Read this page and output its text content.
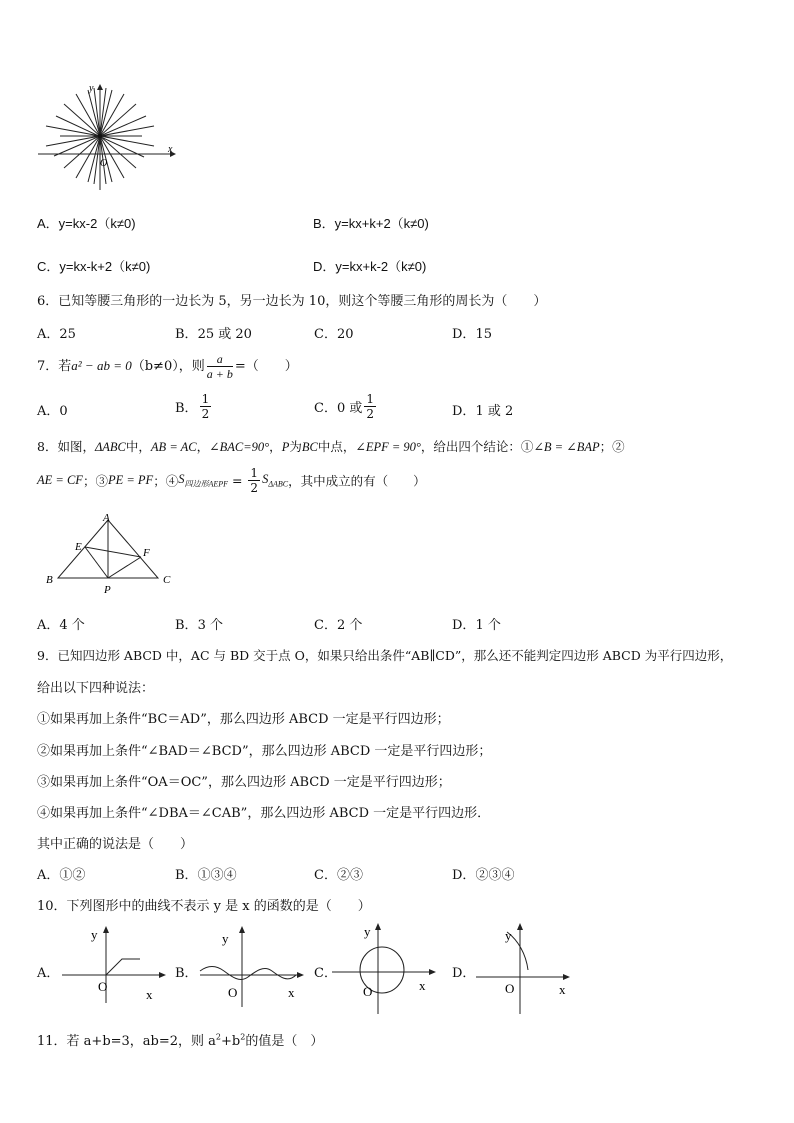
y
x
O
A．y=kx-2（k≠0)	B．y=kx+k+2（k≠0)
C．y=kx-k+2（k≠0)	D．y=kx+k-2（k≠0)
6．已知等腰三角形的一边长为 5，另一边长为 10，则这个等腰三角形的周长为（　　）
A．25	B．25 或 20	C．20	D．15
7．若a² − ab = 0（b≠0），则 $\frac{a}{a + b}$ =（　　）
A．0	B． $\frac{1}{2}$	C．0 或 $\frac{1}{2}$	D．1 或 2
8．如图，ΔABC中，AB = AC，∠BAC=90°，P为BC中点，∠EPF = 90°，给出四个结论：①∠B = ∠BAP；②
AE = CF；③PE = PF；$④S_{四边形AEPF} = \frac{1}{2} S_{\Delta ABC}$，其中成立的有（　　）
A
E	F
B	C
P
A．4 个	B．3 个	C．2 个	D．1 个
9．已知四边形 ABCD 中，AC 与 BD 交于点 O，如果只给出条件“AB∥CD”，那么还不能判定四边形 ABCD 为平行四边形，
给出以下四种说法：
①如果再加上条件“BC＝AD”，那么四边形 ABCD 一定是平行四边形；
②如果再加上条件“∠BAD＝∠BCD”，那么四边形 ABCD 一定是平行四边形；
③如果再加上条件“OA＝OC”，那么四边形 ABCD 一定是平行四边形；
④如果再加上条件“∠DBA＝∠CAB”，那么四边形 ABCD 一定是平行四边形．
其中正确的说法是（　　）
A．①②	B．①③④	C．②③	D．②③④
10．下列图形中的曲线不表示 y 是 x 的函数的是（　　）
A．
y
O
x
B．
y
O	x
C．
y
O	x
D．
y
O	x
11．若 a+b=3，ab=2，则 $a^2+b^2$的值是（　）
